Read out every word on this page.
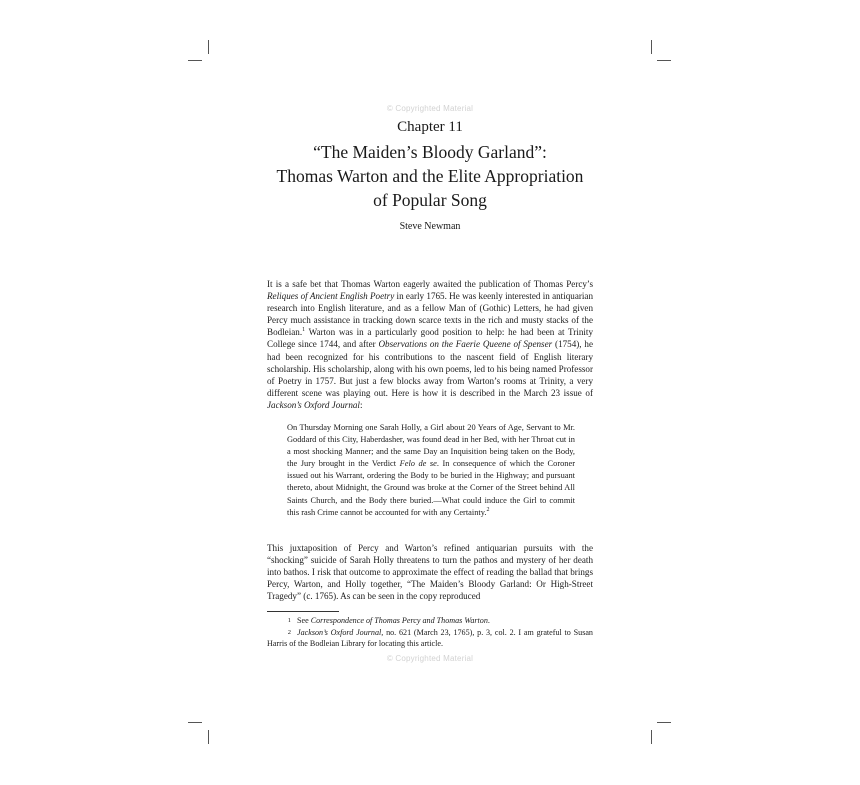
© Copyrighted Material
© Copyrighted Material
Chapter 11
“The Maiden’s Bloody Garland”:
Thomas Warton and the Elite Appropriation
of Popular Song
Steve Newman

It is a safe bet that Thomas Warton eagerly awaited the publication of Thomas Percy’s Reliques of Ancient English Poetry in early 1765. He was keenly interested in antiquarian research into English literature, and as a fellow Man of (Gothic) Letters, he had given Percy much assistance in tracking down scarce texts in the rich and musty stacks of the Bodleian.$^1$ Warton was in a particularly good position to help: he had been at Trinity College since 1744, and after Observations on the Faerie Queene of Spenser (1754), he had been recognized for his contributions to the nascent field of English literary scholarship. His scholarship, along with his own poems, led to his being named Professor of Poetry in 1757. But just a few blocks away from Warton’s rooms at Trinity, a very different scene was playing out. Here is how it is described in the March 23 issue of Jackson’s Oxford Journal:

On Thursday Morning one Sarah Holly, a Girl about 20 Years of Age, Servant to Mr. Goddard of this City, Haberdasher, was found dead in her Bed, with her Throat cut in a most shocking Manner; and the same Day an Inquisition being taken on the Body, the Jury brought in the Verdict Felo de se. In consequence of which the Coroner issued out his Warrant, ordering the Body to be buried in the Highway; and pursuant thereto, about Midnight, the Ground was broke at the Corner of the Street behind All Saints Church, and the Body there buried.—What could induce the Girl to commit this rash Crime cannot be accounted for with any Certainty.$^2$

This juxtaposition of Percy and Warton’s refined antiquarian pursuits with the “shocking” suicide of Sarah Holly threatens to turn the pathos and mystery of her death into bathos. I risk that outcome to approximate the effect of reading the ballad that brings Percy, Warton, and Holly together, “The Maiden’s Bloody Garland: Or High-Street Tragedy” (c. 1765). As can be seen in the copy reproduced

1 See Correspondence of Thomas Percy and Thomas Warton.
2 Jackson’s Oxford Journal, no. 621 (March 23, 1765), p. 3, col. 2. I am grateful to Susan Harris of the Bodleian Library for locating this article.
